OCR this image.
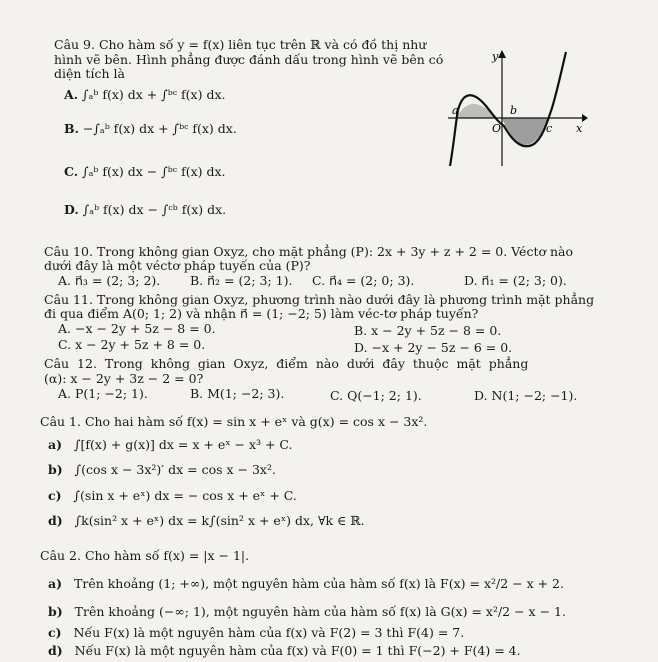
Câu 9. Cho hàm số y = f(x) liên tục trên ℝ và có đồ thị như
hình vẽ bên. Hình phẳng được đánh dấu trong hình vẽ bên có
diện tích là
A. ∫ₐᵇ f(x) dx + ∫ᵇᶜ f(x) dx.
B. −∫ₐᵇ f(x) dx + ∫ᵇᶜ f(x) dx.
C. ∫ₐᵇ f(x) dx − ∫ᵇᶜ f(x) dx.
D. ∫ₐᵇ f(x) dx − ∫ᶜᵇ f(x) dx.
y
a	b
O	c x
Câu 10. Trong không gian Oxyz, cho mặt phẳng (P): 2x + 3y + z + 2 = 0. Véctơ nào
dưới đây là một véctơ pháp tuyến của (P)?
A. n⃗₃ = (2; 3; 2). B. n⃗₂ = (2; 3; 1). C. n⃗₄ = (2; 0; 3).	D. n⃗₁ = (2; 3; 0).
Câu 11. Trong không gian Oxyz, phương trình nào dưới đây là phương trình mặt phẳng
đi qua điểm A(0; 1; 2) và nhận n⃗ = (1; −2; 5) làm véc-tơ pháp tuyến?
A. −x − 2y + 5z − 8 = 0.	B. x − 2y + 5z − 8 = 0.
C. x − 2y + 5z + 8 = 0.	D. −x + 2y − 5z − 6 = 0.
Câu 12. Trong không gian Oxyz, điểm nào dưới đây thuộc mặt phẳng
(α): x − 2y + 3z − 2 = 0?
A. P(1; −2; 1).	B. M(1; −2; 3).	C. Q(−1; 2; 1).	D. N(1; −2; −1).
Câu 1. Cho hai hàm số f(x) = sin x + eˣ và g(x) = cos x − 3x².
a) ∫[f(x) + g(x)] dx = x + eˣ − x³ + C.
b) ∫(cos x − 3x²)′ dx = cos x − 3x².
c) ∫(sin x + eˣ) dx = − cos x + eˣ + C.
d) ∫k(sin² x + eˣ) dx = k∫(sin² x + eˣ) dx, ∀k ∈ ℝ.
Câu 2. Cho hàm số f(x) = |x − 1|.
a) Trên khoảng (1; +∞), một nguyên hàm của hàm số f(x) là F(x) = x²/2 − x + 2.
b) Trên khoảng (−∞; 1), một nguyên hàm của hàm số f(x) là G(x) = x²/2 − x − 1.
c) Nếu F(x) là một nguyên hàm của f(x) và F(2) = 3 thì F(4) = 7.
d) Nếu F(x) là một nguyên hàm của f(x) và F(0) = 1 thì F(−2) + F(4) = 4.
